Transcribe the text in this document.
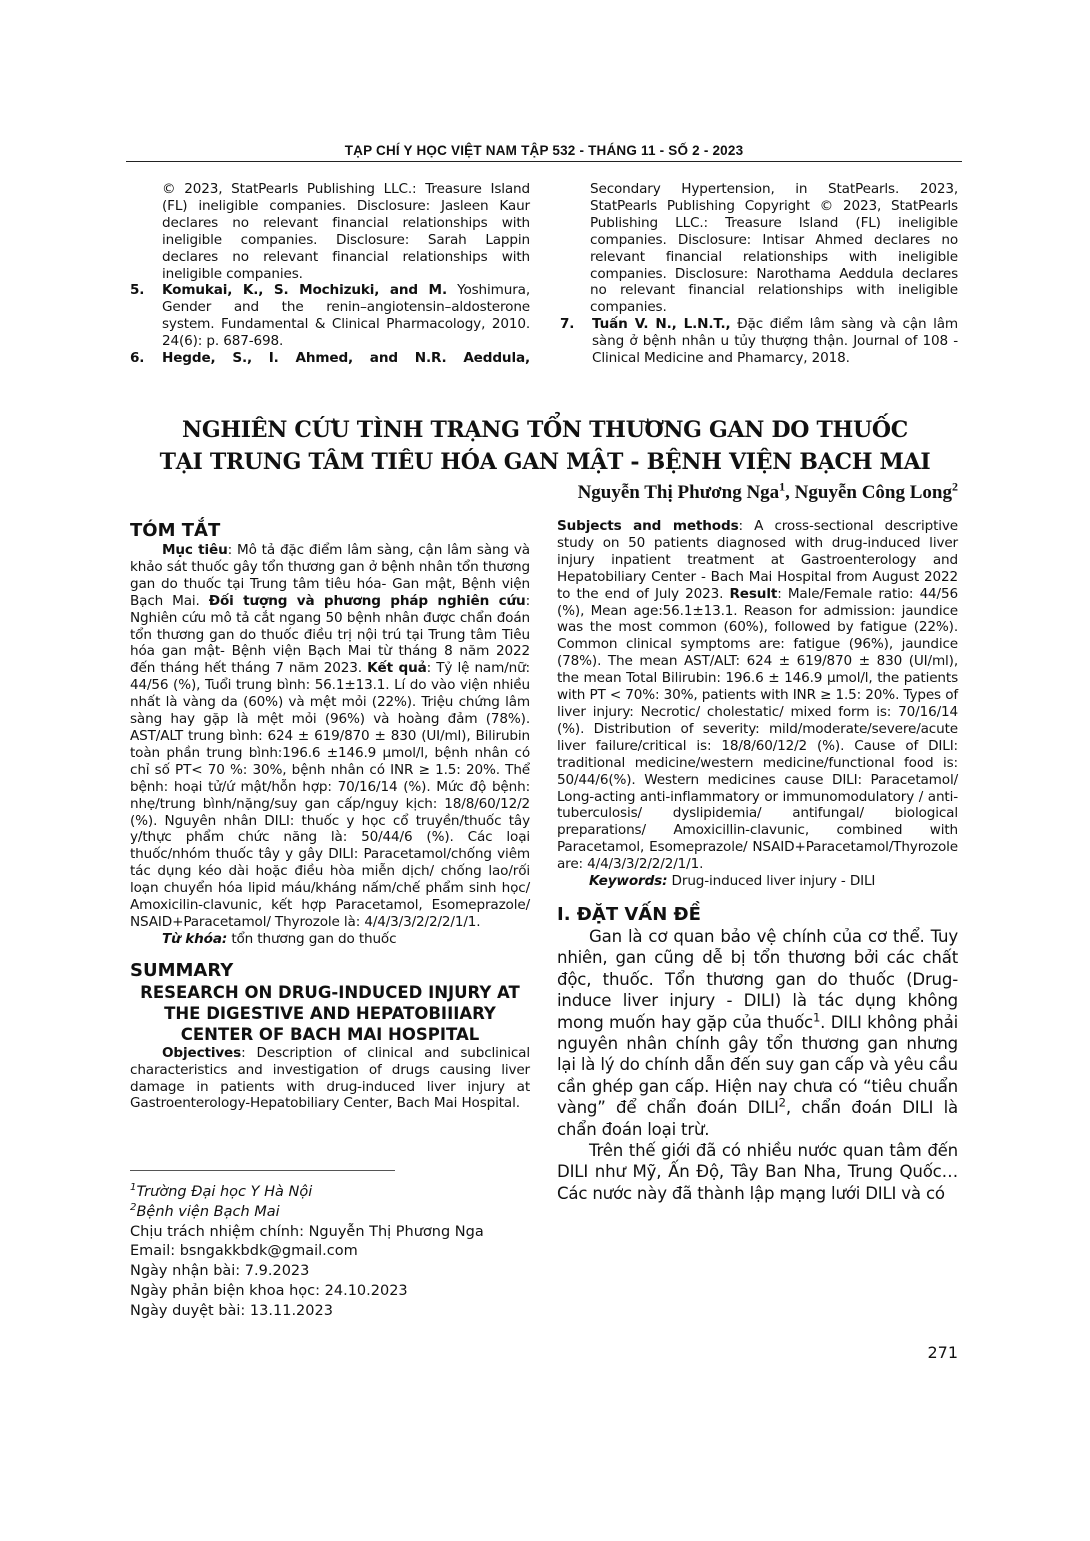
TẠP CHÍ Y HỌC VIỆT NAM TẬP 532 - THÁNG 11 - SỐ 2 - 2023
© 2023, StatPearls Publishing LLC.: Treasure Island (FL) ineligible companies. Disclosure: Jasleen Kaur declares no relevant financial relationships with ineligible companies. Disclosure: Sarah Lappin declares no relevant financial relationships with ineligible companies.
5. Komukai, K., S. Mochizuki, and M. Yoshimura, Gender and the renin–angiotensin–aldosterone system. Fundamental & Clinical Pharmacology, 2010. 24(6): p. 687-698.
6. Hegde, S., I. Ahmed, and N.R. Aeddula,
Secondary Hypertension, in StatPearls. 2023, StatPearls Publishing Copyright © 2023, StatPearls Publishing LLC.: Treasure Island (FL) ineligible companies. Disclosure: Intisar Ahmed declares no relevant financial relationships with ineligible companies. Disclosure: Narothama Aeddula declares no relevant financial relationships with ineligible companies.
7. Tuấn V. N., L.N.T., Đặc điểm lâm sàng và cận lâm sàng ở bệnh nhân u tủy thượng thận. Journal of 108 - Clinical Medicine and Phamarcy, 2018.
NGHIÊN CỨU TÌNH TRẠNG TỔN THƯƠNG GAN DO THUỐC
TẠI TRUNG TÂM TIÊU HÓA GAN MẬT - BỆNH VIỆN BẠCH MAI
Nguyễn Thị Phương Nga$^1$, Nguyễn Công Long$^2$
TÓM TẮT
Mục tiêu: Mô tả đặc điểm lâm sàng, cận lâm sàng và khảo sát thuốc gây tổn thương gan ở bệnh nhân tổn thương gan do thuốc tại Trung tâm tiêu hóa- Gan mật, Bệnh viện Bạch Mai. Đối tượng và phương pháp nghiên cứu: Nghiên cứu mô tả cắt ngang 50 bệnh nhân được chẩn đoán tổn thương gan do thuốc điều trị nội trú tại Trung tâm Tiêu hóa gan mật- Bệnh viện Bạch Mai từ tháng 8 năm 2022 đến tháng hết tháng 7 năm 2023. Kết quả: Tỷ lệ nam/nữ: 44/56 (%), Tuổi trung bình: 56.1±13.1. Lí do vào viện nhiều nhất là vàng da (60%) và mệt mỏi (22%). Triệu chứng lâm sàng hay gặp là mệt mỏi (96%) và hoàng đảm (78%). AST/ALT trung bình: 624 ± 619/870 ± 830 (UI/ml), Bilirubin toàn phần trung bình:196.6 ±146.9 µmol/l, bệnh nhân có chỉ số PT< 70 %: 30%, bệnh nhân có INR ≥ 1.5: 20%. Thể bệnh: hoại tử/ứ mật/hỗn hợp: 70/16/14 (%). Mức độ bệnh: nhẹ/trung bình/nặng/suy gan cấp/nguy kịch: 18/8/60/12/2 (%). Nguyên nhân DILI: thuốc y học cổ truyền/thuốc tây y/thực phẩm chức năng là: 50/44/6 (%). Các loại thuốc/nhóm thuốc tây y gây DILI: Paracetamol/chống viêm tác dụng kéo dài hoặc điều hòa miễn dịch/ chống lao/rối loạn chuyển hóa lipid máu/kháng nấm/chế phẩm sinh học/ Amoxicilin-clavunic, kết hợp Paracetamol, Esomeprazole/ NSAID+Paracetamol/ Thyrozole là: 4/4/3/3/2/2/2/1/1.
Từ khóa: tổn thương gan do thuốc
SUMMARY
RESEARCH ON DRUG-INDUCED INJURY AT THE DIGESTIVE AND HEPATOBIIIARY CENTER OF BACH MAI HOSPITAL
Objectives: Description of clinical and subclinical characteristics and investigation of drugs causing liver damage in patients with drug-induced liver injury at Gastroenterology-Hepatobiliary Center, Bach Mai Hospital.
$^1$Trường Đại học Y Hà Nội
$^2$Bệnh viện Bạch Mai
Chịu trách nhiệm chính: Nguyễn Thị Phương Nga
Email: bsngakkbdk@gmail.com
Ngày nhận bài: 7.9.2023
Ngày phản biện khoa học: 24.10.2023
Ngày duyệt bài: 13.11.2023
Subjects and methods: A cross-sectional descriptive study on 50 patients diagnosed with drug-induced liver injury inpatient treatment at Gastroenterology and Hepatobiliary Center - Bach Mai Hospital from August 2022 to the end of July 2023. Result: Male/Female ratio: 44/56 (%), Mean age:56.1±13.1. Reason for admission: jaundice was the most common (60%), followed by fatigue (22%). Common clinical symptoms are: fatigue (96%), jaundice (78%). The mean AST/ALT: 624 ± 619/870 ± 830 (UI/ml), the mean Total Bilirubin: 196.6 ± 146.9 µmol/l, the patients with PT < 70%: 30%, patients with INR ≥ 1.5: 20%. Types of liver injury: Necrotic/ cholestatic/ mixed form is: 70/16/14 (%). Distribution of severity: mild/moderate/severe/acute liver failure/critical is: 18/8/60/12/2 (%). Cause of DILI: traditional medicine/western medicine/functional food is: 50/44/6(%). Western medicines cause DILI: Paracetamol/ Long-acting anti-inflammatory or immunomodulatory / anti-tuberculosis/ dyslipidemia/ antifungal/ biological preparations/ Amoxicillin-clavunic, combined with Paracetamol, Esomeprazole/ NSAID+Paracetamol/Thyrozole are: 4/4/3/3/2/2/2/1/1.
Keywords: Drug-induced liver injury - DILI
I. ĐẶT VẤN ĐỀ
Gan là cơ quan bảo vệ chính của cơ thể. Tuy nhiên, gan cũng dễ bị tổn thương bởi các chất độc, thuốc. Tổn thương gan do thuốc (Drug-induce liver injury - DILI) là tác dụng không mong muốn hay gặp của thuốc$^1$. DILI không phải nguyên nhân chính gây tổn thương gan nhưng lại là lý do chính dẫn đến suy gan cấp và yêu cầu cần ghép gan cấp. Hiện nay chưa có “tiêu chuẩn vàng” để chẩn đoán DILI$^2$, chẩn đoán DILI là chẩn đoán loại trừ.
Trên thế giới đã có nhiều nước quan tâm đến DILI như Mỹ, Ấn Độ, Tây Ban Nha, Trung Quốc… Các nước này đã thành lập mạng lưới DILI và có
271
